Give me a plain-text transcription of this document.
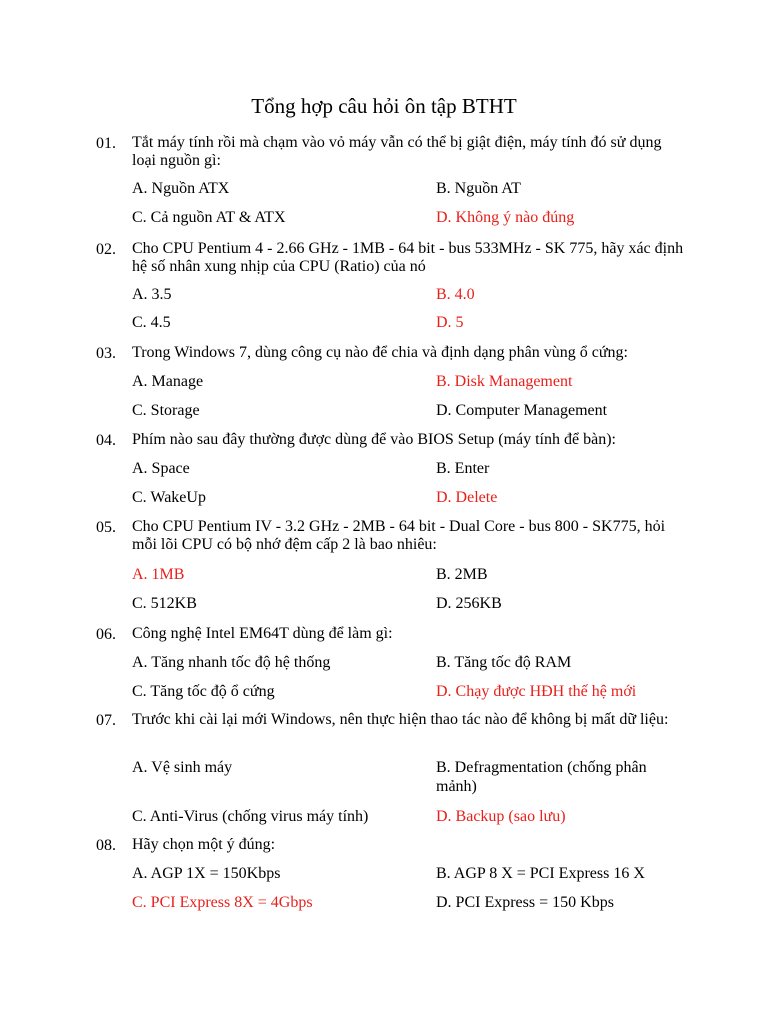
Tổng hợp câu hỏi ôn tập BTHT
01. Tắt máy tính rồi mà chạm vào vỏ máy vẫn có thể bị giật điện, máy tính đó sử dụng loại nguồn gì:
A. Nguồn ATX	B. Nguồn AT
C. Cả nguồn AT & ATX	D. Không ý nào đúng
02. Cho CPU Pentium 4 - 2.66 GHz - 1MB - 64 bit - bus 533MHz - SK 775, hãy xác định hệ số nhân xung nhịp của CPU (Ratio) của nó
A. 3.5	B. 4.0
C. 4.5	D. 5
03. Trong Windows 7, dùng công cụ nào để chia và định dạng phân vùng ổ cứng:
A. Manage	B. Disk Management
C. Storage	D. Computer Management
04. Phím nào sau đây thường được dùng để vào BIOS Setup (máy tính để bàn):
A. Space	B. Enter
C. WakeUp	D. Delete
05. Cho CPU Pentium IV - 3.2 GHz - 2MB - 64 bit - Dual Core - bus 800 - SK775, hỏi mỗi lõi CPU có bộ nhớ đệm cấp 2 là bao nhiêu:
A. 1MB	B. 2MB
C. 512KB	D. 256KB
06. Công nghệ Intel EM64T dùng để làm gì:
A. Tăng nhanh tốc độ hệ thống	B. Tăng tốc độ RAM
C. Tăng tốc độ ổ cứng	D. Chạy được HĐH thế hệ mới
07. Trước khi cài lại mới Windows, nên thực hiện thao tác nào để không bị mất dữ liệu:
A. Vệ sinh máy	B. Defragmentation (chống phân mảnh)
C. Anti-Virus (chống virus máy tính)	D. Backup (sao lưu)
08. Hãy chọn một ý đúng:
A. AGP 1X = 150Kbps	B. AGP 8 X = PCI Express 16 X
C. PCI Express 8X = 4Gbps	D. PCI Express = 150 Kbps
